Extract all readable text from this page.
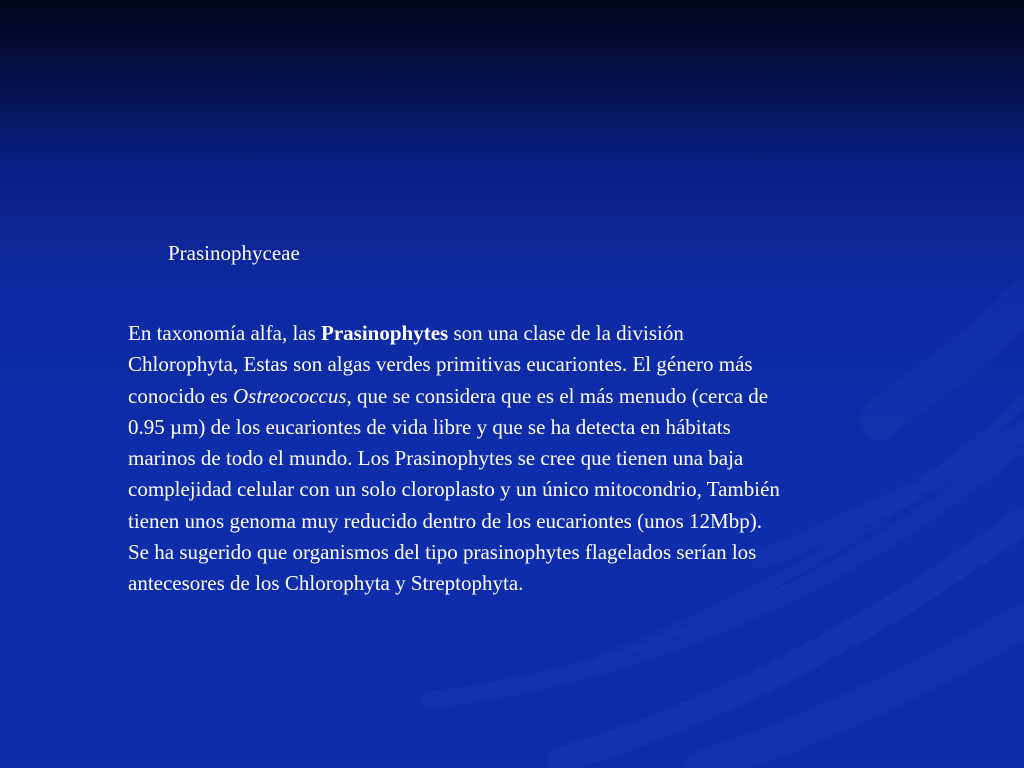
Prasinophyceae
En taxonomía alfa, las Prasinophytes son una clase de la división
Chlorophyta, Estas son algas verdes primitivas eucariontes. El género más
conocido es Ostreococcus, que se considera que es el más menudo (cerca de
0.95 µm) de los eucariontes de vida libre y que se ha detecta en hábitats
marinos de todo el mundo. Los Prasinophytes se cree que tienen una baja
complejidad celular con un solo cloroplasto y un único mitocondrio, También
tienen unos genoma muy reducido dentro de los eucariontes (unos 12Mbp).
Se ha sugerido que organismos del tipo prasinophytes flagelados serían los
antecesores de los Chlorophyta y Streptophyta.
